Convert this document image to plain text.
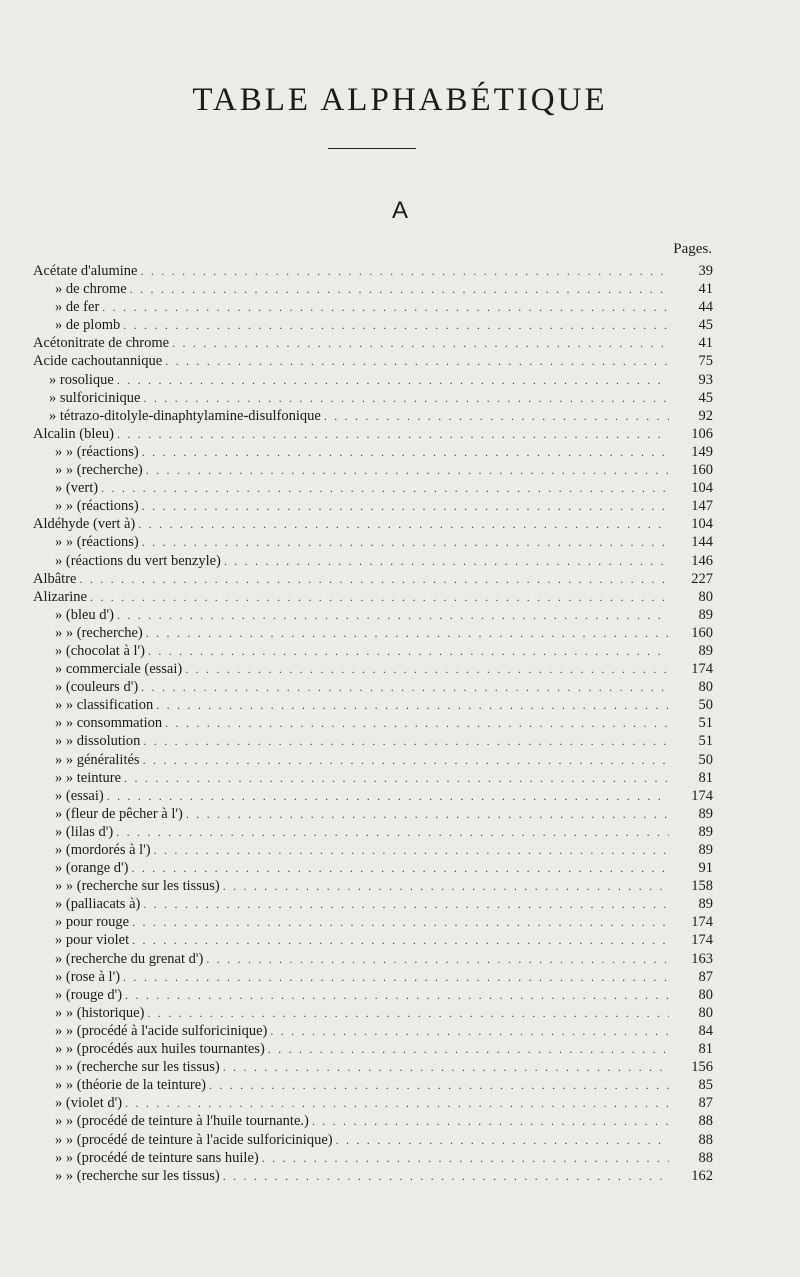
TABLE ALPHABÉTIQUE
A
Pages.
Acétate d'alumine . . .	39
» de chrome . . .	41
» de fer . . .	44
» de plomb . . .	45
Acétonitrate de chrome . . .	41
Acide cachoutannique . . .	75
» rosolique . . .	93
» sulforicinique . . .	45
» tétrazo-ditolyle-dinaphtylamine-disulfonique . . .	92
Alcalin (bleu) . . .	106
» » (réactions) . . .	149
» » (recherche) . . .	160
» (vert) . . .	104
» » (réactions) . . .	147
Aldéhyde (vert à) . . .	104
» » (réactions) . . .	144
» (réactions du vert benzyle) . . .	146
Albâtre . . .	227
Alizarine . . .	80
» (bleu d') . . .	89
» » (recherche) . . .	160
» (chocolat à l') . . .	89
» commerciale (essai) . . .	174
» (couleurs d') . . .	80
» » classification . . .	50
» » consommation . . .	51
» » dissolution . . .	51
» » généralités . . .	50
» » teinture . . .	81
» (essai) . . .	174
» (fleur de pêcher à l') . . .	89
» (lilas d') . . .	89
» (mordorés à l') . . .	89
» (orange d') . . .	91
» » (recherche sur les tissus) . . .	158
» (palliacats à) . . .	89
» pour rouge . . .	174
» pour violet . . .	174
» (recherche du grenat d') . . .	163
» (rose à l') . . .	87
» (rouge d') . . .	80
» » (historique) . . .	80
» » (procédé à l'acide sulforicinique) . . .	84
» » (procédés aux huiles tournantes) . . .	81
» » (recherche sur les tissus) . . .	156
» » (théorie de la teinture) . . .	85
» (violet d') . . .	87
» » (procédé de teinture à l'huile tournante.) . . .	88
» » (procédé de teinture à l'acide sulforicinique) . . .	88
» » (procédé de teinture sans huile) . . .	88
» » (recherche sur les tissus) . . .	162
